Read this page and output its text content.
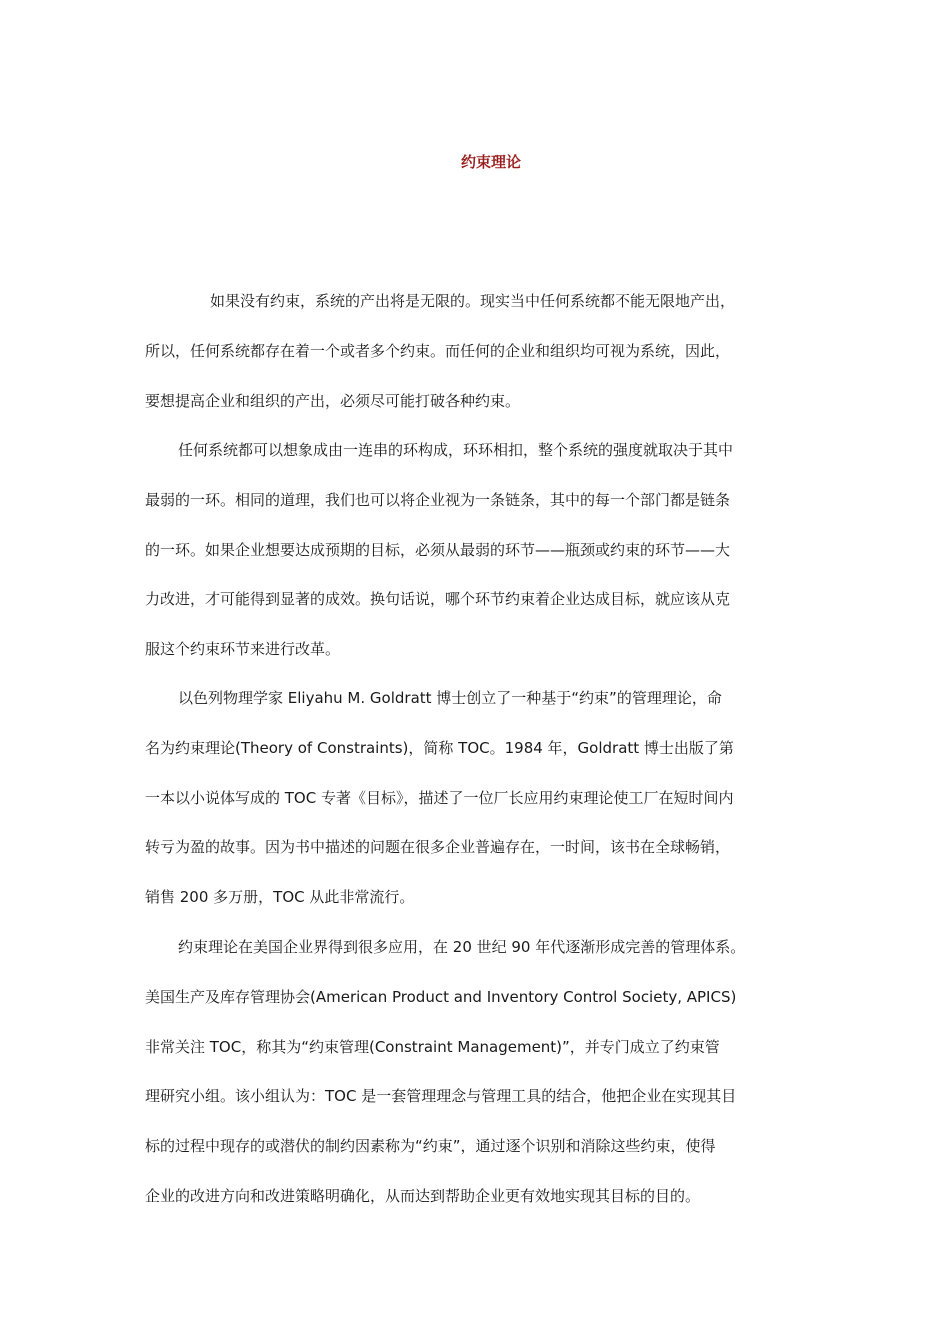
约束理论
如果没有约束，系统的产出将是无限的。现实当中任何系统都不能无限地产出，
所以，任何系统都存在着一个或者多个约束。而任何的企业和组织均可视为系统，因此，
要想提高企业和组织的产出，必须尽可能打破各种约束。
任何系统都可以想象成由一连串的环构成，环环相扣，整个系统的强度就取决于其中
最弱的一环。相同的道理，我们也可以将企业视为一条链条，其中的每一个部门都是链条
的一环。如果企业想要达成预期的目标，必须从最弱的环节——瓶颈或约束的环节——大
力改进，才可能得到显著的成效。换句话说，哪个环节约束着企业达成目标，就应该从克
服这个约束环节来进行改革。
以色列物理学家 Eliyahu M. Goldratt 博士创立了一种基于“约束”的管理理论，命
名为约束理论(Theory of Constraints)，简称 TOC。1984 年，Goldratt 博士出版了第
一本以小说体写成的 TOC 专著《目标》，描述了一位厂长应用约束理论使工厂在短时间内
转亏为盈的故事。因为书中描述的问题在很多企业普遍存在，一时间，该书在全球畅销，
销售 200 多万册，TOC 从此非常流行。
约束理论在美国企业界得到很多应用，在 20 世纪 90 年代逐渐形成完善的管理体系。
美国生产及库存管理协会(American Product and Inventory Control Society, APICS)
非常关注 TOC，称其为“约束管理(Constraint Management)”，并专门成立了约束管
理研究小组。该小组认为：TOC 是一套管理理念与管理工具的结合，他把企业在实现其目
标的过程中现存的或潜伏的制约因素称为“约束”，通过逐个识别和消除这些约束，使得
企业的改进方向和改进策略明确化，从而达到帮助企业更有效地实现其目标的目的。
